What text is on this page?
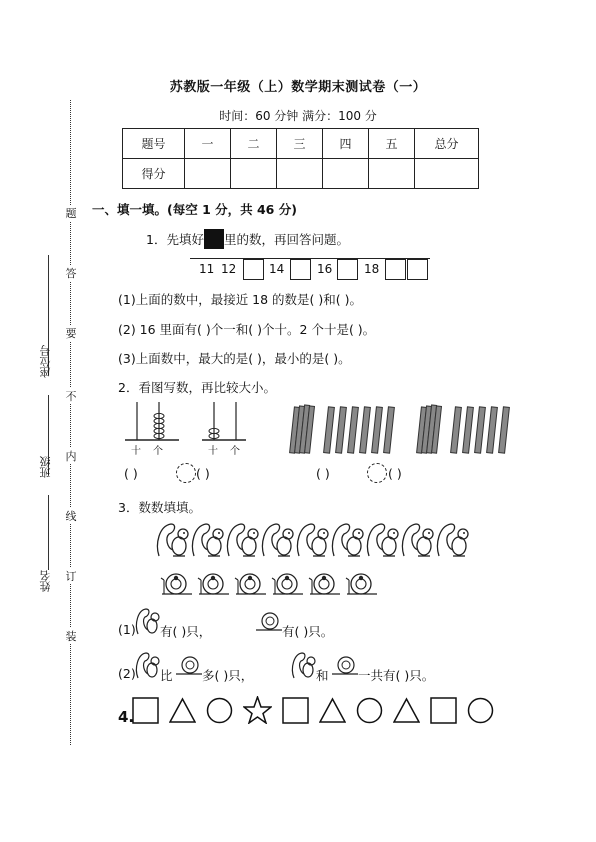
题
答
要
不
内
线
订
装
座位号
班级
姓名
苏教版一年级（上）数学期末测试卷（一）
时间：60 分钟 满分：100 分
题号	一	二	三	四	五	总分
得分						
一、填一填。(每空 1 分，共 46 分)
1．先填好 里的数，再回答问题。
11 12	14	16	18
(1)上面的数中，最接近 18 的数是( )和( )。
(2) 16 里面有( )个一和( )个十。2 个十是( )。
(3)上面数中，最大的是( )，最小的是( )。
2．看图写数，再比较大小。
十 个	十 个
( )	( )	( )	( )
3．数数填填。
(1) 有( )只，	有( )只。
(2) 比 多( )只，	和 一共有( )只。
4.
